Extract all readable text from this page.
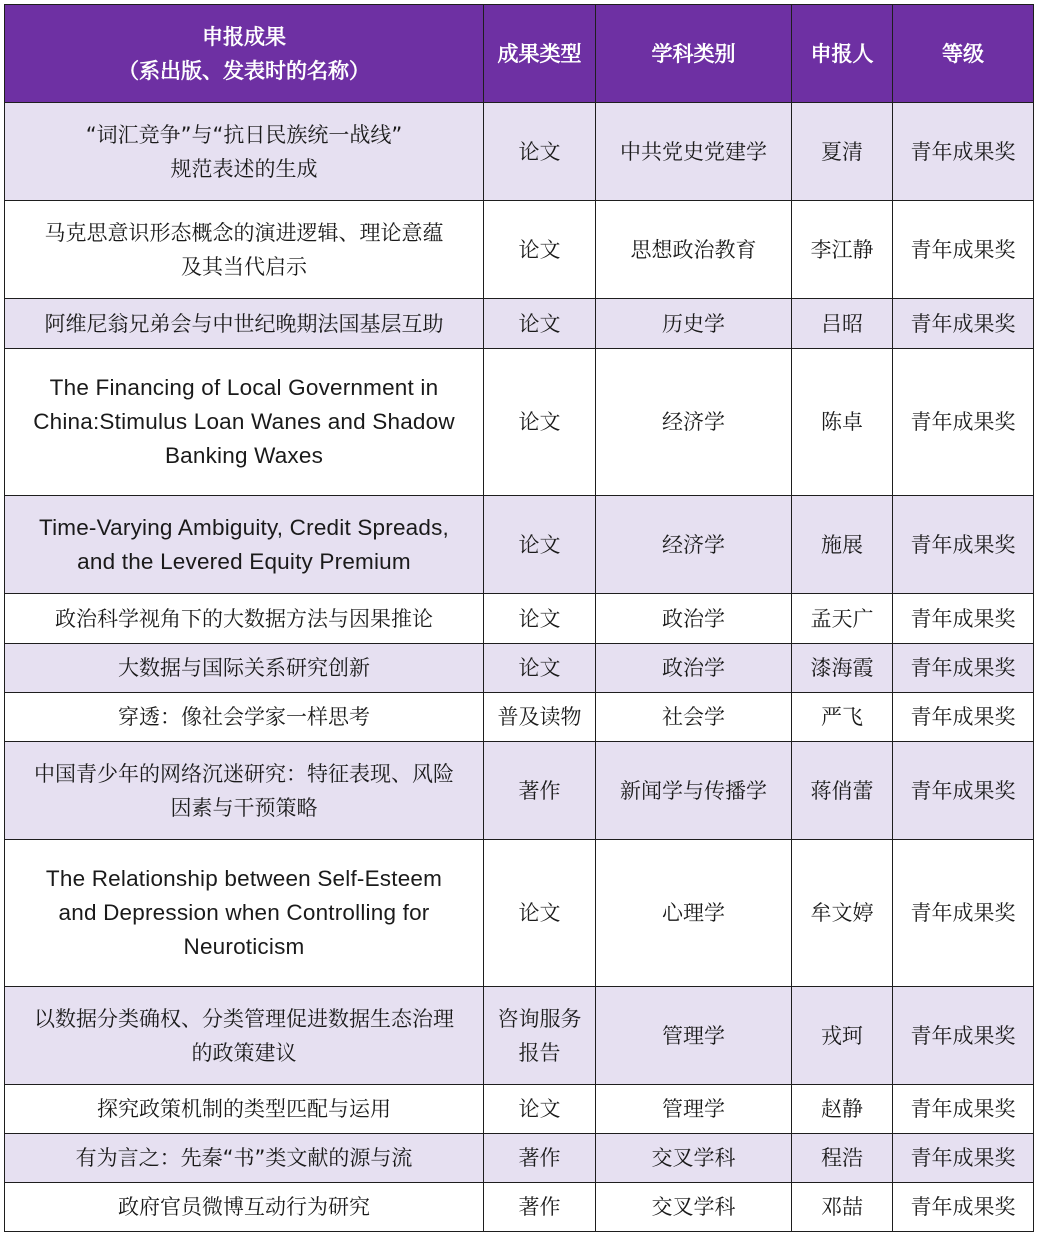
申报成果
（系出版、发表时的名称）	成果类型	学科类别	申报人	等级

“词汇竞争”与“抗日民族统一战线”
规范表述的生成	论文	中共党史党建学	夏清	青年成果奖

马克思意识形态概念的演进逻辑、理论意蕴
及其当代启示	论文	思想政治教育	李江静	青年成果奖

阿维尼翁兄弟会与中世纪晚期法国基层互助	论文	历史学	吕昭	青年成果奖

The Financing of Local Government in
China:Stimulus Loan Wanes and Shadow
Banking Waxes	论文	经济学	陈卓	青年成果奖

Time-Varying Ambiguity, Credit Spreads,
and the Levered Equity Premium	论文	经济学	施展	青年成果奖

政治科学视角下的大数据方法与因果推论	论文	政治学	孟天广	青年成果奖

大数据与国际关系研究创新	论文	政治学	漆海霞	青年成果奖

穿透：像社会学家一样思考	普及读物	社会学	严飞	青年成果奖

中国青少年的网络沉迷研究：特征表现、风险
因素与干预策略	著作	新闻学与传播学	蒋俏蕾	青年成果奖

The Relationship between Self-Esteem
and Depression when Controlling for
Neuroticism	论文	心理学	牟文婷	青年成果奖

以数据分类确权、分类管理促进数据生态治理
的政策建议	咨询服务报告	管理学	戎珂	青年成果奖

探究政策机制的类型匹配与运用	论文	管理学	赵静	青年成果奖

有为言之：先秦“书”类文献的源与流	著作	交叉学科	程浩	青年成果奖

政府官员微博互动行为研究	著作	交叉学科	邓喆	青年成果奖
